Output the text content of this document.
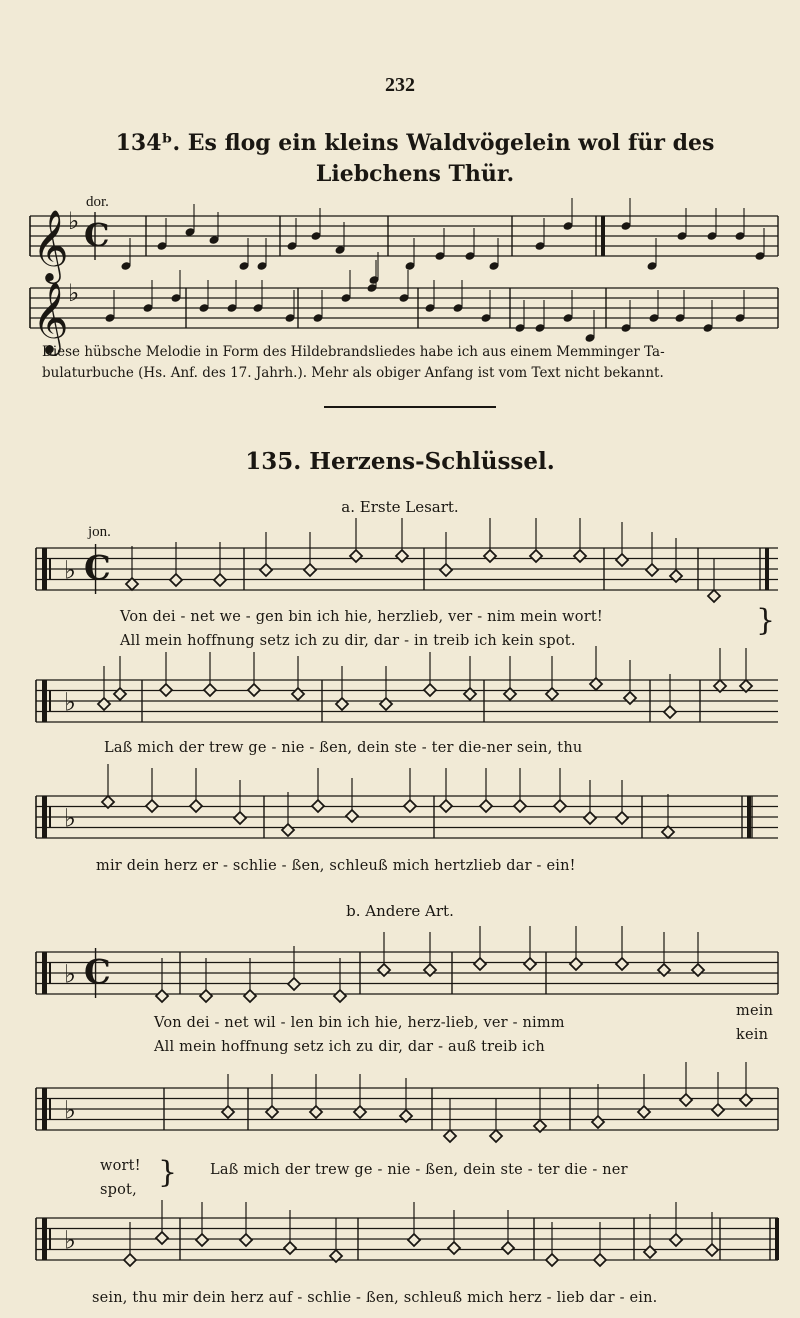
232
134ᵇ. Es flog ein kleins Waldvögelein wol für des
Liebchens Thür.
dor.
𝄞 ♭ C
𝄞 ♭
Diese hübsche Melodie in Form des Hildebrandsliedes habe ich aus einem Memminger Ta-
bulaturbuche (Hs. Anf. des 17. Jahrh.). Mehr als obiger Anfang ist vom Text nicht bekannt.
135. Herzens-Schlüssel.
a. Erste Lesart.
jon.
♭ C
Von dei - net we - gen bin ich hie, herzlieb, ver - nim mein wort!
All mein hoffnung setz ich zu dir, dar - in treib ich kein spot.
}
♭
Laß mich der trew ge - nie - ßen, dein ste - ter die-ner sein, thu
♭
mir dein herz er - schlie - ßen, schleuß mich hertzlieb dar - ein!
b. Andere Art.
♭ C
Von dei - net wil - len bin ich hie, herz-lieb, ver - nimm
All mein hoffnung setz ich zu dir, dar - auß treib ich
mein
kein
♭
wort!
spot, } Laß mich der trew ge - nie - ßen, dein ste - ter die - ner
♭
sein, thu mir dein herz auf - schlie - ßen, schleuß mich herz - lieb dar - ein.
